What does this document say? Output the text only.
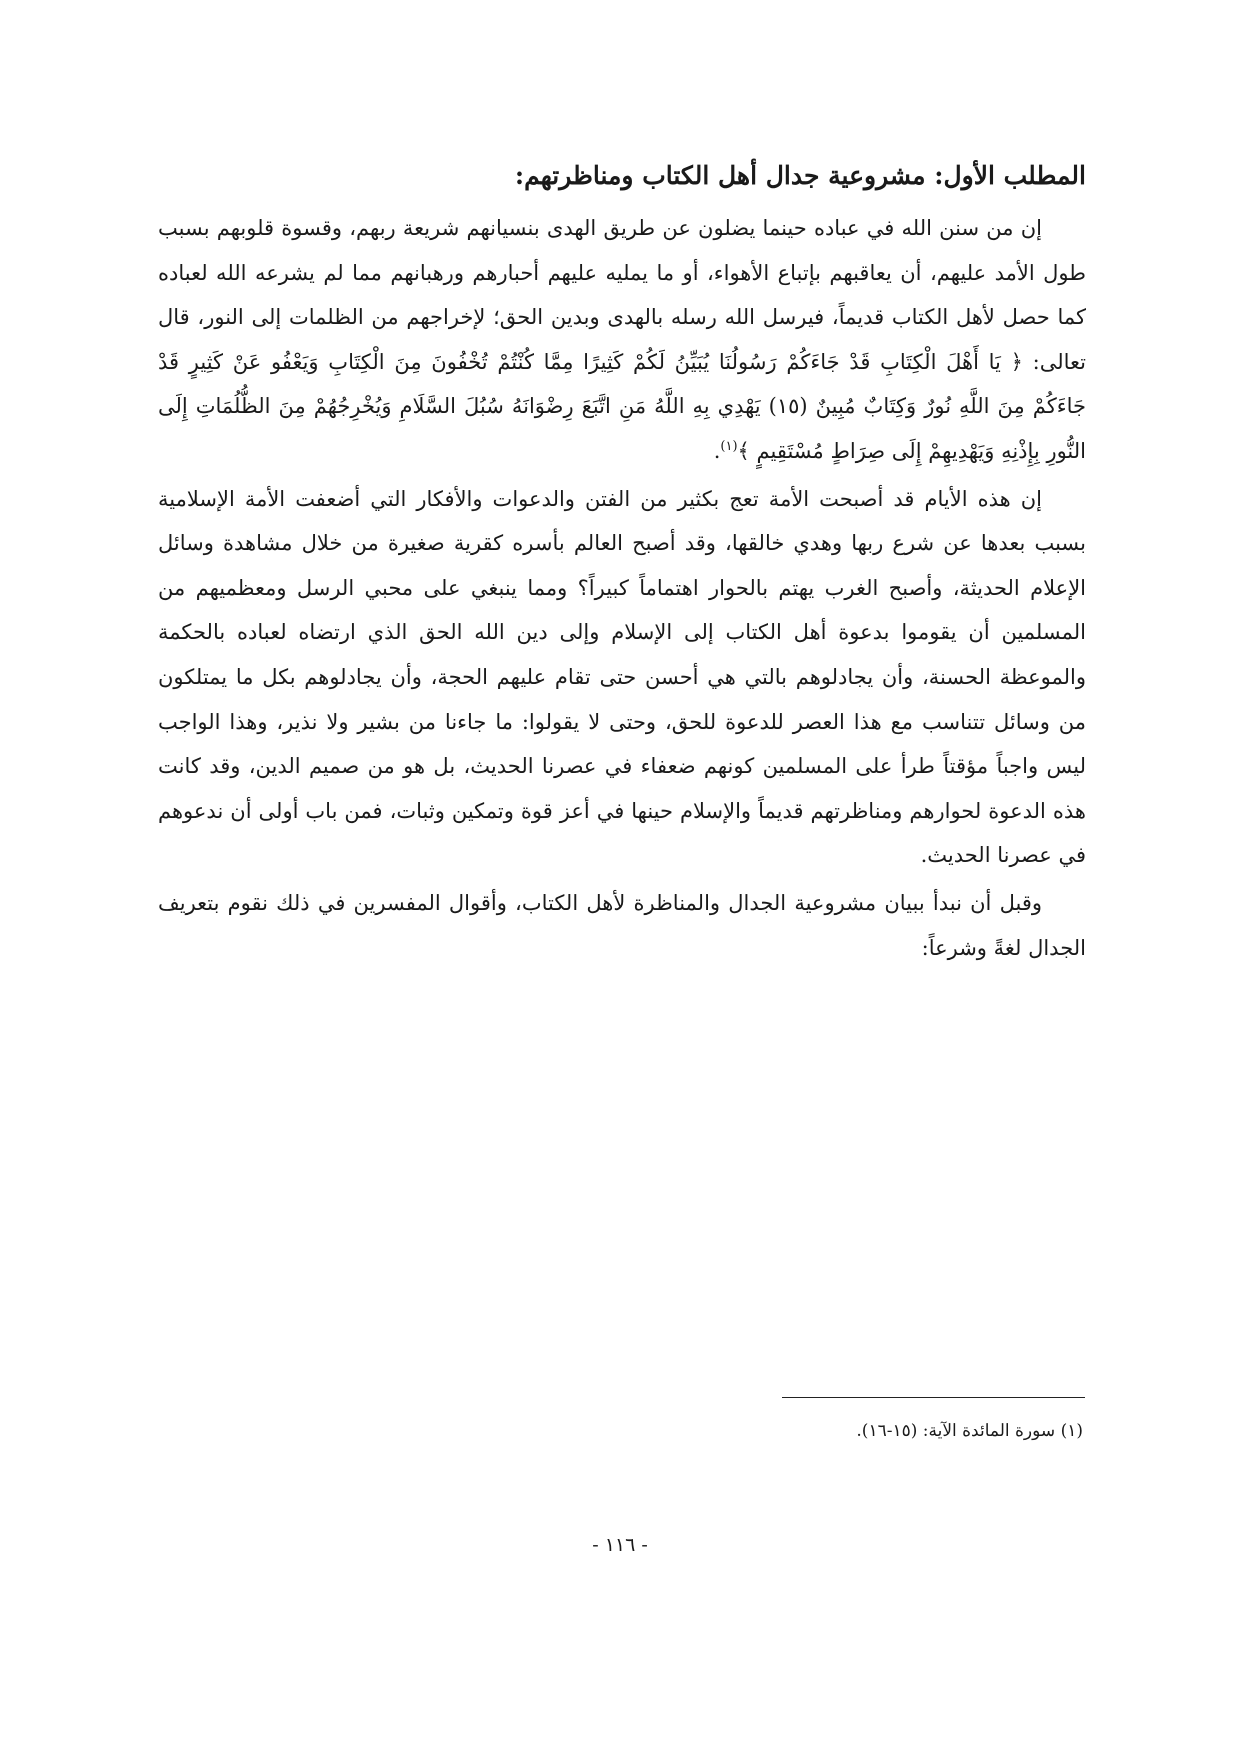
المطلب الأول: مشروعية جدال أهل الكتاب ومناظرتهم:

إن من سنن الله في عباده حينما يضلون عن طريق الهدى بنسيانهم شريعة ربهم، وقسوة قلوبهم بسبب طول الأمد عليهم، أن يعاقبهم بإتباع الأهواء، أو ما يمليه عليهم أحبارهم ورهبانهم مما لم يشرعه الله لعباده كما حصل لأهل الكتاب قديماً، فيرسل الله رسله بالهدى وبدين الحق؛ لإخراجهم من الظلمات إلى النور، قال تعالى: ﴿ يَا أَهْلَ الْكِتَابِ قَدْ جَاءَكُمْ رَسُولُنَا يُبَيِّنُ لَكُمْ كَثِيرًا مِمَّا كُنْتُمْ تُخْفُونَ مِنَ الْكِتَابِ وَيَعْفُو عَنْ كَثِيرٍ قَدْ جَاءَكُمْ مِنَ اللَّهِ نُورٌ وَكِتَابٌ مُبِينٌ (١٥) يَهْدِي بِهِ اللَّهُ مَنِ اتَّبَعَ رِضْوَانَهُ سُبُلَ السَّلَامِ وَيُخْرِجُهُمْ مِنَ الظُّلُمَاتِ إِلَى النُّورِ بِإِذْنِهِ وَيَهْدِيهِمْ إِلَى صِرَاطٍ مُسْتَقِيمٍ ﴾$^{(١)}$.

إن هذه الأيام قد أصبحت الأمة تعج بكثير من الفتن والدعوات والأفكار التي أضعفت الأمة الإسلامية بسبب بعدها عن شرع ربها وهدي خالقها، وقد أصبح العالم بأسره كقرية صغيرة من خلال مشاهدة وسائل الإعلام الحديثة، وأصبح الغرب يهتم بالحوار اهتماماً كبيراً؟ ومما ينبغي على محبي الرسل ومعظميهم من المسلمين أن يقوموا بدعوة أهل الكتاب إلى الإسلام وإلى دين الله الحق الذي ارتضاه لعباده بالحكمة والموعظة الحسنة، وأن يجادلوهم بالتي هي أحسن حتى تقام عليهم الحجة، وأن يجادلوهم بكل ما يمتلكون من وسائل تتناسب مع هذا العصر للدعوة للحق، وحتى لا يقولوا: ما جاءنا من بشير ولا نذير، وهذا الواجب ليس واجباً مؤقتاً طرأ على المسلمين كونهم ضعفاء في عصرنا الحديث، بل هو من صميم الدين، وقد كانت هذه الدعوة لحوارهم ومناظرتهم قديماً والإسلام حينها في أعز قوة وتمكين وثبات، فمن باب أولى أن ندعوهم في عصرنا الحديث.

وقبل أن نبدأ ببيان مشروعية الجدال والمناظرة لأهل الكتاب، وأقوال المفسرين في ذلك نقوم بتعريف الجدال لغةً وشرعاً:

(١) سورة المائدة الآية: (١٥-١٦).
- ١١٦ -
